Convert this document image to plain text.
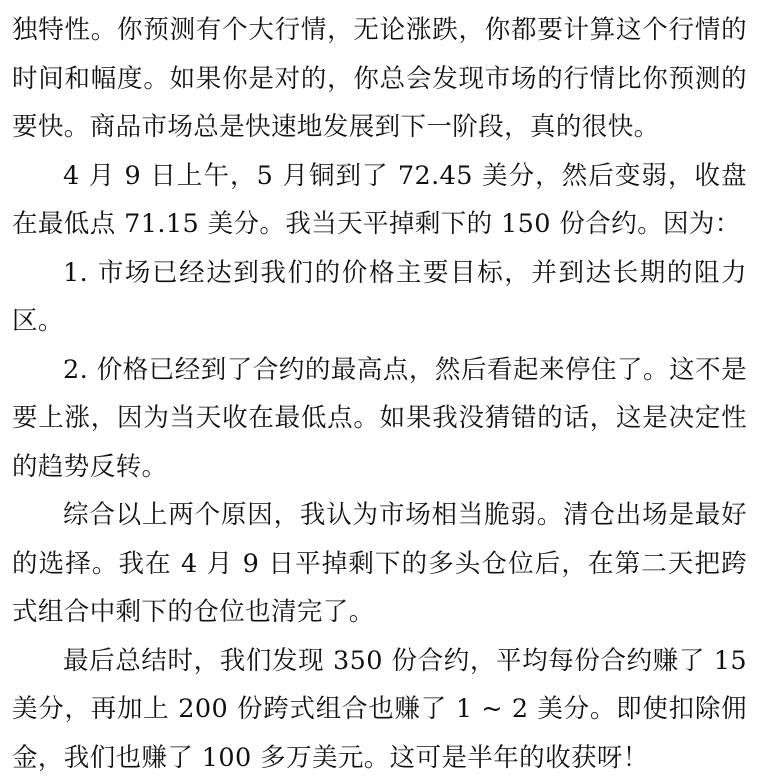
独特性。你预测有个大行情，无论涨跌，你都要计算这个行情的时间和幅度。如果你是对的，你总会发现市场的行情比你预测的要快。商品市场总是快速地发展到下一阶段，真的很快。

4 月 9 日上午，5 月铜到了 72.45 美分，然后变弱，收盘在最低点 71.15 美分。我当天平掉剩下的 150 份合约。因为：

1. 市场已经达到我们的价格主要目标，并到达长期的阻力区。

2. 价格已经到了合约的最高点，然后看起来停住了。这不是要上涨，因为当天收在最低点。如果我没猜错的话，这是决定性的趋势反转。

综合以上两个原因，我认为市场相当脆弱。清仓出场是最好的选择。我在 4 月 9 日平掉剩下的多头仓位后，在第二天把跨式组合中剩下的仓位也清完了。

最后总结时，我们发现 350 份合约，平均每份合约赚了 15 美分，再加上 200 份跨式组合也赚了 1 ~ 2 美分。即使扣除佣金，我们也赚了 100 多万美元。这可是半年的收获呀！
